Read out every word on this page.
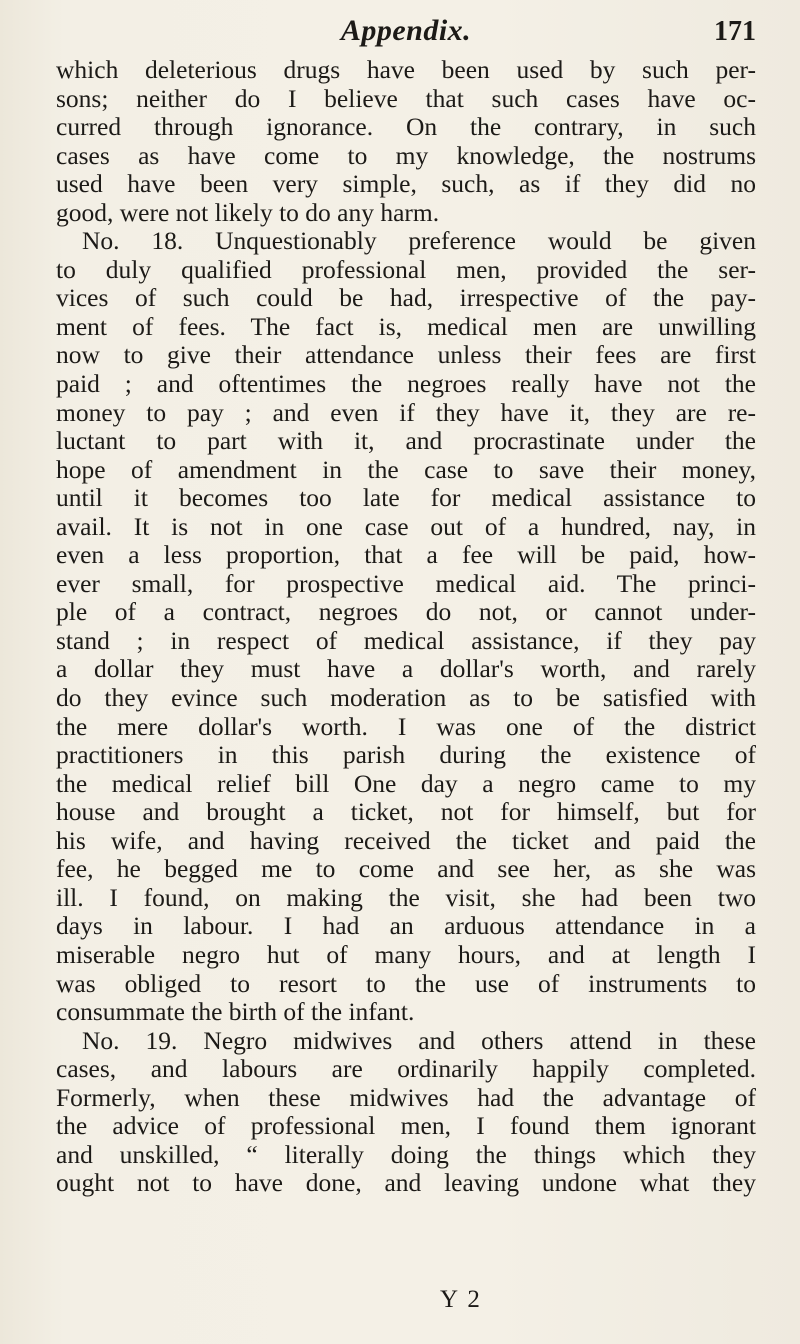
Appendix.	171
which deleterious drugs have been used by such per-
sons; neither do I believe that such cases have oc-
curred through ignorance. On the contrary, in such
cases as have come to my knowledge, the nostrums
used have been very simple, such, as if they did no
good, were not likely to do any harm.
No. 18. Unquestionably preference would be given
to duly qualified professional men, provided the ser-
vices of such could be had, irrespective of the pay-
ment of fees. The fact is, medical men are unwilling
now to give their attendance unless their fees are first
paid ; and oftentimes the negroes really have not the
money to pay ; and even if they have it, they are re-
luctant to part with it, and procrastinate under the
hope of amendment in the case to save their money,
until it becomes too late for medical assistance to
avail. It is not in one case out of a hundred, nay, in
even a less proportion, that a fee will be paid, how-
ever small, for prospective medical aid. The princi-
ple of a contract, negroes do not, or cannot under-
stand ; in respect of medical assistance, if they pay
a dollar they must have a dollar's worth, and rarely
do they evince such moderation as to be satisfied with
the mere dollar's worth. I was one of the district
practitioners in this parish during the existence of
the medical relief bill One day a negro came to my
house and brought a ticket, not for himself, but for
his wife, and having received the ticket and paid the
fee, he begged me to come and see her, as she was
ill. I found, on making the visit, she had been two
days in labour. I had an arduous attendance in a
miserable negro hut of many hours, and at length I
was obliged to resort to the use of instruments to
consummate the birth of the infant.
No. 19. Negro midwives and others attend in these
cases, and labours are ordinarily happily completed.
Formerly, when these midwives had the advantage of
the advice of professional men, I found them ignorant
and unskilled, “ literally doing the things which they
ought not to have done, and leaving undone what they
Y 2
